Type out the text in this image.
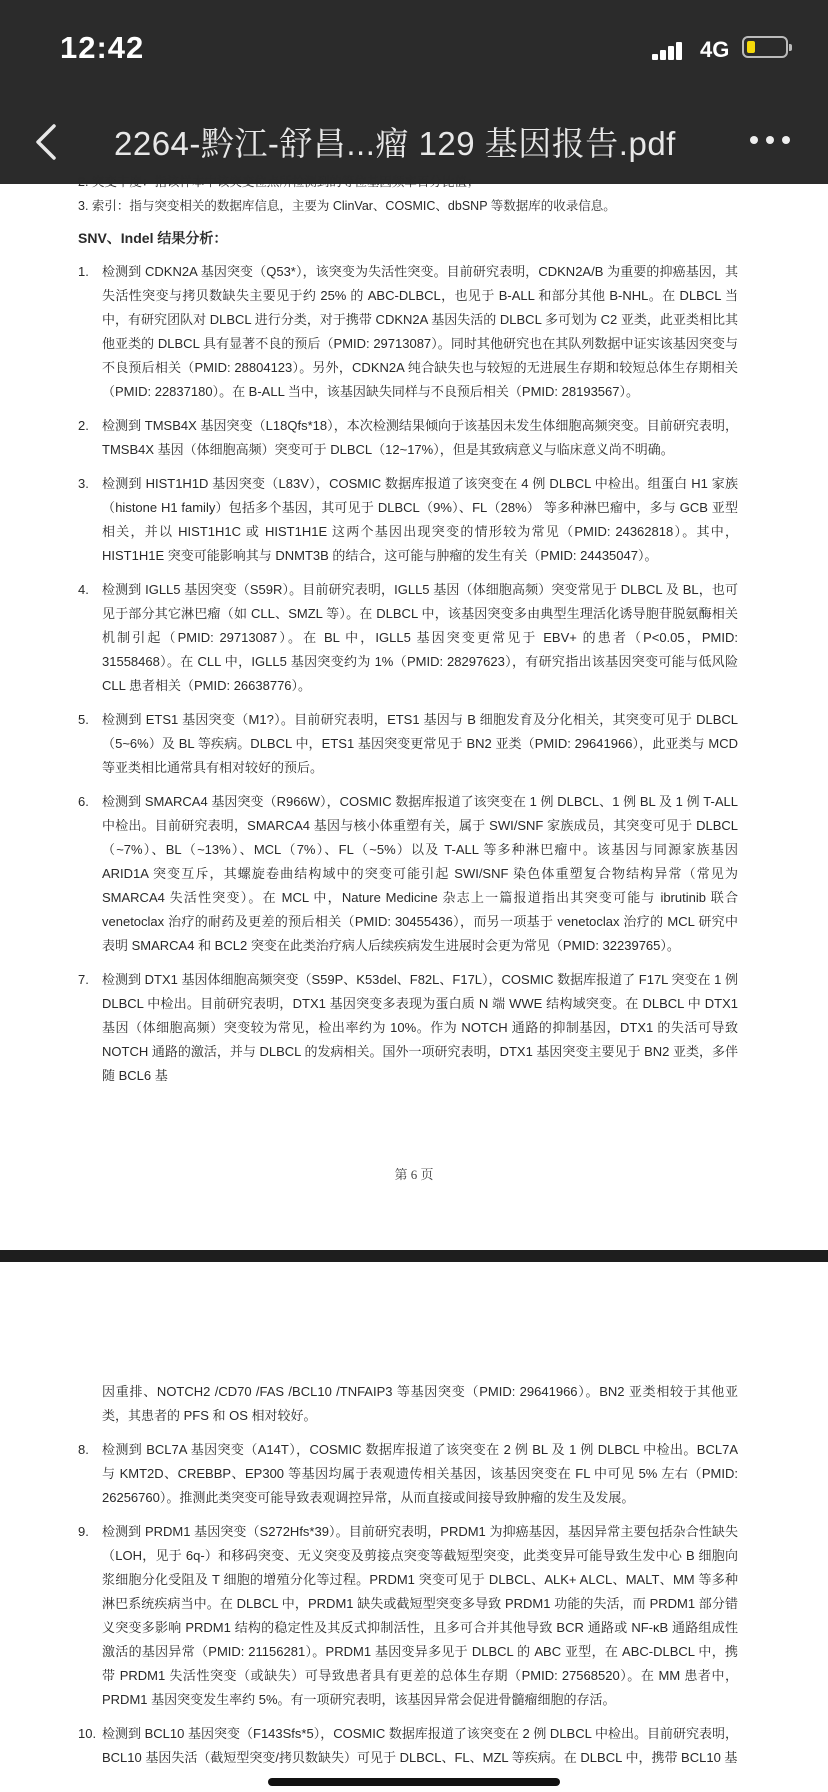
12:42	4G
2264-黔江-舒昌...瘤 129 基因报告.pdf

2. 突变丰度：指该样本中该突变位点所检测到的等位基因频率百分比值；

3. 索引：指与突变相关的数据库信息，主要为 ClinVar、COSMIC、dbSNP 等数据库的收录信息。

SNV、Indel 结果分析：

1.	检测到 CDKN2A 基因突变（Q53*），该突变为失活性突变。目前研究表明，CDKN2A/B 为重要的抑癌基因，其失活性突变与拷贝数缺失主要见于约 25% 的 ABC-DLBCL，也见于 B-ALL 和部分其他 B-NHL。在 DLBCL 当中，有研究团队对 DLBCL 进行分类，对于携带 CDKN2A 基因失活的 DLBCL 多可划为 C2 亚类，此亚类相比其他亚类的 DLBCL 具有显著不良的预后（PMID: 29713087）。同时其他研究也在其队列数据中证实该基因突变与不良预后相关（PMID: 28804123）。另外，CDKN2A 纯合缺失也与较短的无进展生存期和较短总体生存期相关（PMID: 22837180）。在 B-ALL 当中，该基因缺失同样与不良预后相关（PMID: 28193567）。
2.	检测到 TMSB4X 基因突变（L18Qfs*18），本次检测结果倾向于该基因未发生体细胞高频突变。目前研究表明，TMSB4X 基因（体细胞高频）突变可于 DLBCL（12~17%），但是其致病意义与临床意义尚不明确。
3.	检测到 HIST1H1D 基因突变（L83V），COSMIC 数据库报道了该突变在 4 例 DLBCL 中检出。组蛋白 H1 家族（histone H1 family）包括多个基因，其可见于 DLBCL（9%）、FL（28%） 等多种淋巴瘤中，多与 GCB 亚型相关，并以 HIST1H1C 或 HIST1H1E 这两个基因出现突变的情形较为常见（PMID: 24362818）。其中，HIST1H1E 突变可能影响其与 DNMT3B 的结合，这可能与肿瘤的发生有关（PMID: 24435047）。
4.	检测到 IGLL5 基因突变（S59R）。目前研究表明，IGLL5 基因（体细胞高频）突变常见于 DLBCL 及 BL，也可见于部分其它淋巴瘤（如 CLL、SMZL 等）。在 DLBCL 中，该基因突变多由典型生理活化诱导胞苷脱氨酶相关机制引起（PMID: 29713087）。在 BL 中，IGLL5 基因突变更常见于 EBV+ 的患者（P<0.05，PMID: 31558468）。在 CLL 中，IGLL5 基因突变约为 1%（PMID: 28297623），有研究指出该基因突变可能与低风险 CLL 患者相关（PMID: 26638776）。
5.	检测到 ETS1 基因突变（M1?）。目前研究表明，ETS1 基因与 B 细胞发育及分化相关，其突变可见于 DLBCL（5~6%）及 BL 等疾病。DLBCL 中，ETS1 基因突变更常见于 BN2 亚类（PMID: 29641966），此亚类与 MCD 等亚类相比通常具有相对较好的预后。
6.	检测到 SMARCA4 基因突变（R966W），COSMIC 数据库报道了该突变在 1 例 DLBCL、1 例 BL 及 1 例 T-ALL 中检出。目前研究表明，SMARCA4 基因与核小体重塑有关，属于 SWI/SNF 家族成员，其突变可见于 DLBCL（~7%）、BL（~13%）、MCL（7%）、FL（~5%）以及 T-ALL 等多种淋巴瘤中。该基因与同源家族基因 ARID1A 突变互斥，其螺旋卷曲结构域中的突变可能引起 SWI/SNF 染色体重塑复合物结构异常（常见为 SMARCA4 失活性突变）。在 MCL 中，Nature Medicine 杂志上一篇报道指出其突变可能与 ibrutinib 联合 venetoclax 治疗的耐药及更差的预后相关（PMID: 30455436），而另一项基于 venetoclax 治疗的 MCL 研究中表明 SMARCA4 和 BCL2 突变在此类治疗病人后续疾病发生进展时会更为常见（PMID: 32239765）。
7.	检测到 DTX1 基因体细胞高频突变（S59P、K53del、F82L、F17L），COSMIC 数据库报道了 F17L 突变在 1 例 DLBCL 中检出。目前研究表明，DTX1 基因突变多表现为蛋白质 N 端 WWE 结构域突变。在 DLBCL 中 DTX1 基因（体细胞高频）突变较为常见，检出率约为 10%。作为 NOTCH 通路的抑制基因，DTX1 的失活可导致 NOTCH 通路的激活，并与 DLBCL 的发病相关。国外一项研究表明，DTX1 基因突变主要见于 BN2 亚类，多伴随 BCL6 基
第 6 页
因重排、NOTCH2 /CD70 /FAS /BCL10 /TNFAIP3 等基因突变（PMID: 29641966）。BN2 亚类相较于其他亚类，其患者的 PFS 和 OS 相对较好。
8.	检测到 BCL7A 基因突变（A14T），COSMIC 数据库报道了该突变在 2 例 BL 及 1 例 DLBCL 中检出。BCL7A 与 KMT2D、CREBBP、EP300 等基因均属于表观遗传相关基因，该基因突变在 FL 中可见 5% 左右（PMID: 26256760）。推测此类突变可能导致表观调控异常，从而直接或间接导致肿瘤的发生及发展。
9.	检测到 PRDM1 基因突变（S272Hfs*39）。目前研究表明，PRDM1 为抑癌基因，基因异常主要包括杂合性缺失（LOH，见于 6q-）和移码突变、无义突变及剪接点突变等截短型突变，此类变异可能导致生发中心 B 细胞向浆细胞分化受阻及 T 细胞的增殖分化等过程。PRDM1 突变可见于 DLBCL、ALK+ ALCL、MALT、MM 等多种淋巴系统疾病当中。在 DLBCL 中，PRDM1 缺失或截短型突变多导致 PRDM1 功能的失活，而 PRDM1 部分错义突变多影响 PRDM1 结构的稳定性及其反式抑制活性，且多可合并其他导致 BCR 通路或 NF-κB 通路组成性激活的基因异常（PMID: 21156281）。PRDM1 基因变异多见于 DLBCL 的 ABC 亚型，在 ABC-DLBCL 中，携带 PRDM1 失活性突变（或缺失）可导致患者具有更差的总体生存期（PMID: 27568520）。在 MM 患者中，PRDM1 基因突变发生率约 5%。有一项研究表明，该基因异常会促进骨髓瘤细胞的存活。
10. 检测到 BCL10 基因突变（F143Sfs*5），COSMIC 数据库报道了该突变在 2 例 DLBCL 中检出。目前研究表明，BCL10 基因失活（截短型突变/拷贝数缺失）可见于 DLBCL、FL、MZL 等疾病。在 DLBCL 中，携带 BCL10 基
